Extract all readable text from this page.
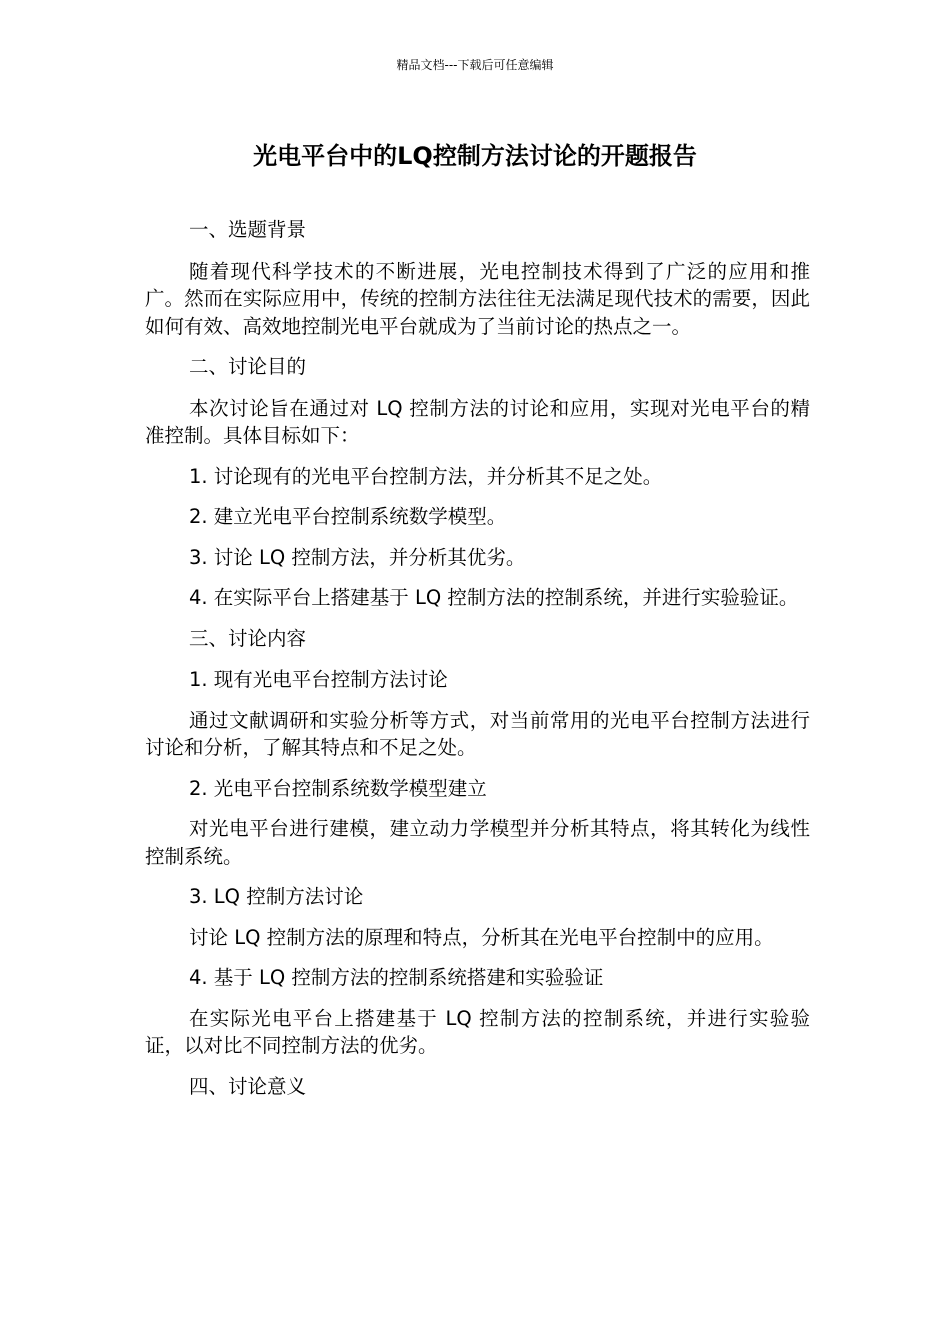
精品文档---下载后可任意编辑
光电平台中的LQ控制方法讨论的开题报告

一、选题背景

随着现代科学技术的不断进展，光电控制技术得到了广泛的应用和推广。然而在实际应用中，传统的控制方法往往无法满足现代技术的需要，因此如何有效、高效地控制光电平台就成为了当前讨论的热点之一。

二、讨论目的

本次讨论旨在通过对 LQ 控制方法的讨论和应用，实现对光电平台的精准控制。具体目标如下：

1. 讨论现有的光电平台控制方法，并分析其不足之处。

2. 建立光电平台控制系统数学模型。

3. 讨论 LQ 控制方法，并分析其优劣。

4. 在实际平台上搭建基于 LQ 控制方法的控制系统，并进行实验验证。

三、讨论内容

1. 现有光电平台控制方法讨论

通过文献调研和实验分析等方式，对当前常用的光电平台控制方法进行讨论和分析，了解其特点和不足之处。

2. 光电平台控制系统数学模型建立

对光电平台进行建模，建立动力学模型并分析其特点，将其转化为线性控制系统。

3. LQ 控制方法讨论

讨论 LQ 控制方法的原理和特点，分析其在光电平台控制中的应用。

4. 基于 LQ 控制方法的控制系统搭建和实验验证

在实际光电平台上搭建基于 LQ 控制方法的控制系统，并进行实验验证，以对比不同控制方法的优劣。

四、讨论意义
